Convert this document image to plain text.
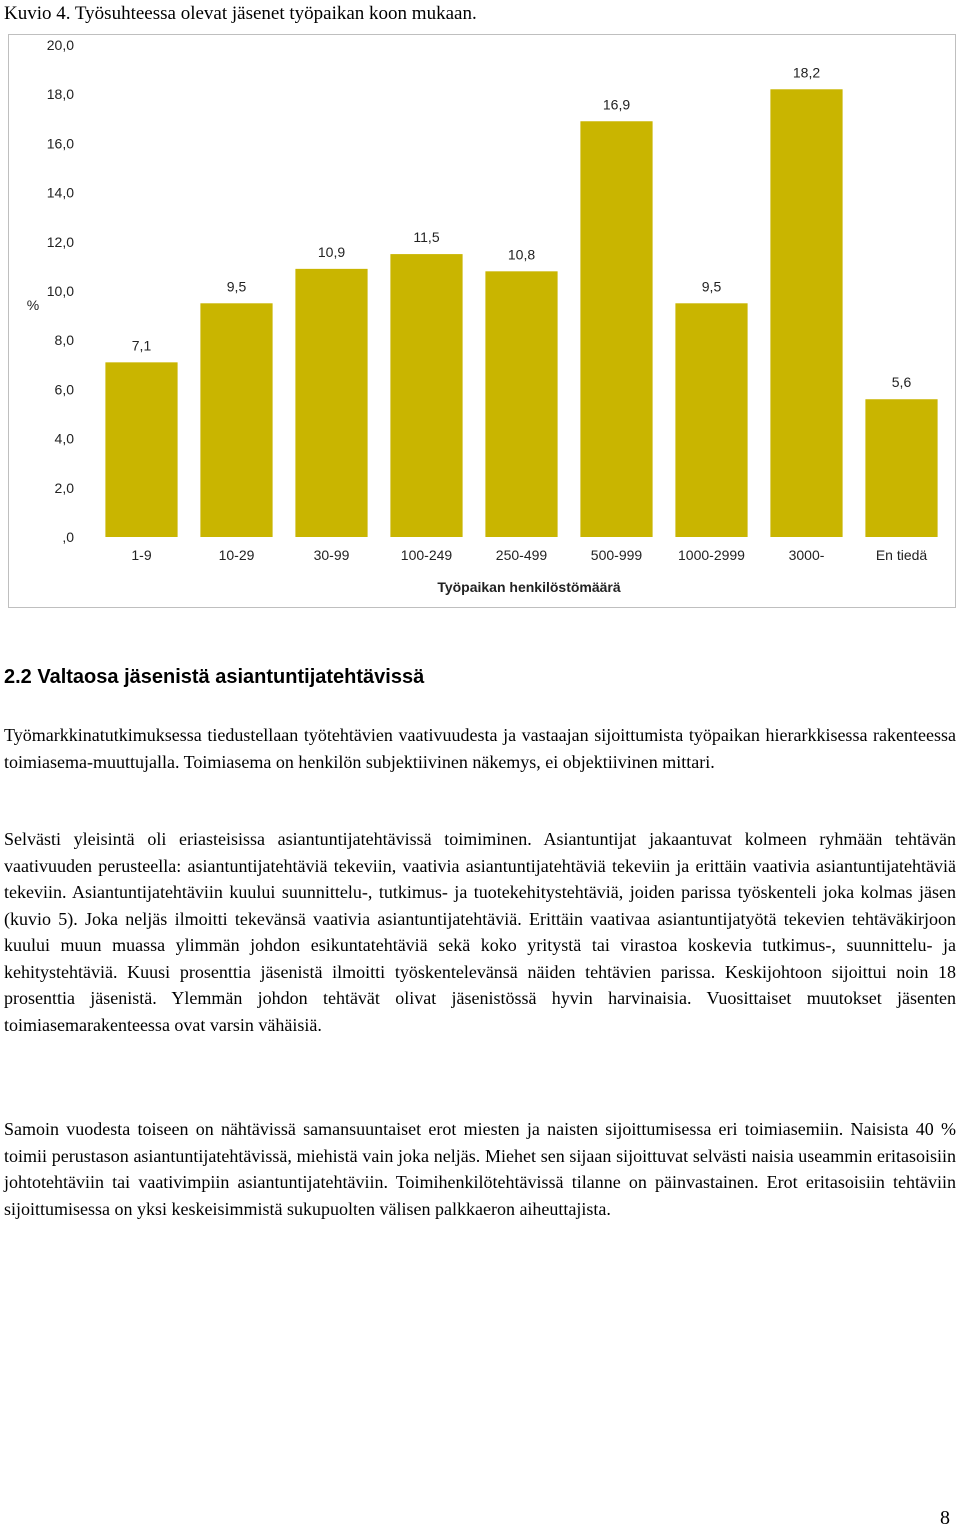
Kuvio 4. Työsuhteessa olevat jäsenet työpaikan koon mukaan.
,0
2,0
4,0
6,0
8,0
10,0
12,0
14,0
16,0
18,0
20,0
%
7,1
9,5
10,9
11,5
10,8
16,9
9,5
18,2
5,6
1-9	10-29	30-99	100-249	250-499	500-999	1000-2999	3000-	En tiedä
Työpaikan henkilöstömäärä
2.2 Valtaosa jäsenistä asiantuntijatehtävissä

Työmarkkinatutkimuksessa tiedustellaan työtehtävien vaativuudesta ja vastaajan sijoittumista työpaikan hierarkkisessa rakenteessa toimiasema-muuttujalla. Toimiasema on henkilön subjektiivinen näkemys, ei objektiivinen mittari.

Selvästi yleisintä oli eriasteisissa asiantuntijatehtävissä toimiminen. Asiantuntijat jakaantuvat kolmeen ryhmään tehtävän vaativuuden perusteella: asiantuntijatehtäviä tekeviin, vaativia asiantuntijatehtäviä tekeviin ja erittäin vaativia asiantuntijatehtäviä tekeviin. Asiantuntijatehtäviin kuului suunnittelu-, tutkimus- ja tuotekehitystehtäviä, joiden parissa työskenteli joka kolmas jäsen (kuvio 5). Joka neljäs ilmoitti tekevänsä vaativia asiantuntijatehtäviä. Erittäin vaativaa asiantuntijatyötä tekevien tehtäväkirjoon kuului muun muassa ylimmän johdon esikuntatehtäviä sekä koko yritystä tai virastoa koskevia tutkimus-, suunnittelu- ja kehitystehtäviä. Kuusi prosenttia jäsenistä ilmoitti työskentelevänsä näiden tehtävien parissa. Keskijohtoon sijoittui noin 18 prosenttia jäsenistä. Ylemmän johdon tehtävät olivat jäsenistössä hyvin harvinaisia. Vuosittaiset muutokset jäsenten toimiasemarakenteessa ovat varsin vähäisiä.

Samoin vuodesta toiseen on nähtävissä samansuuntaiset erot miesten ja naisten sijoittumisessa eri toimiasemiin. Naisista 40 % toimii perustason asiantuntijatehtävissä, miehistä vain joka neljäs. Miehet sen sijaan sijoittuvat selvästi naisia useammin eritasoisiin johtotehtäviin tai vaativimpiin asiantuntijatehtäviin. Toimihenkilötehtävissä tilanne on päinvastainen. Erot eritasoisiin tehtäviin sijoittumisessa on yksi keskeisimmistä sukupuolten välisen palkkaeron aiheuttajista.

8
